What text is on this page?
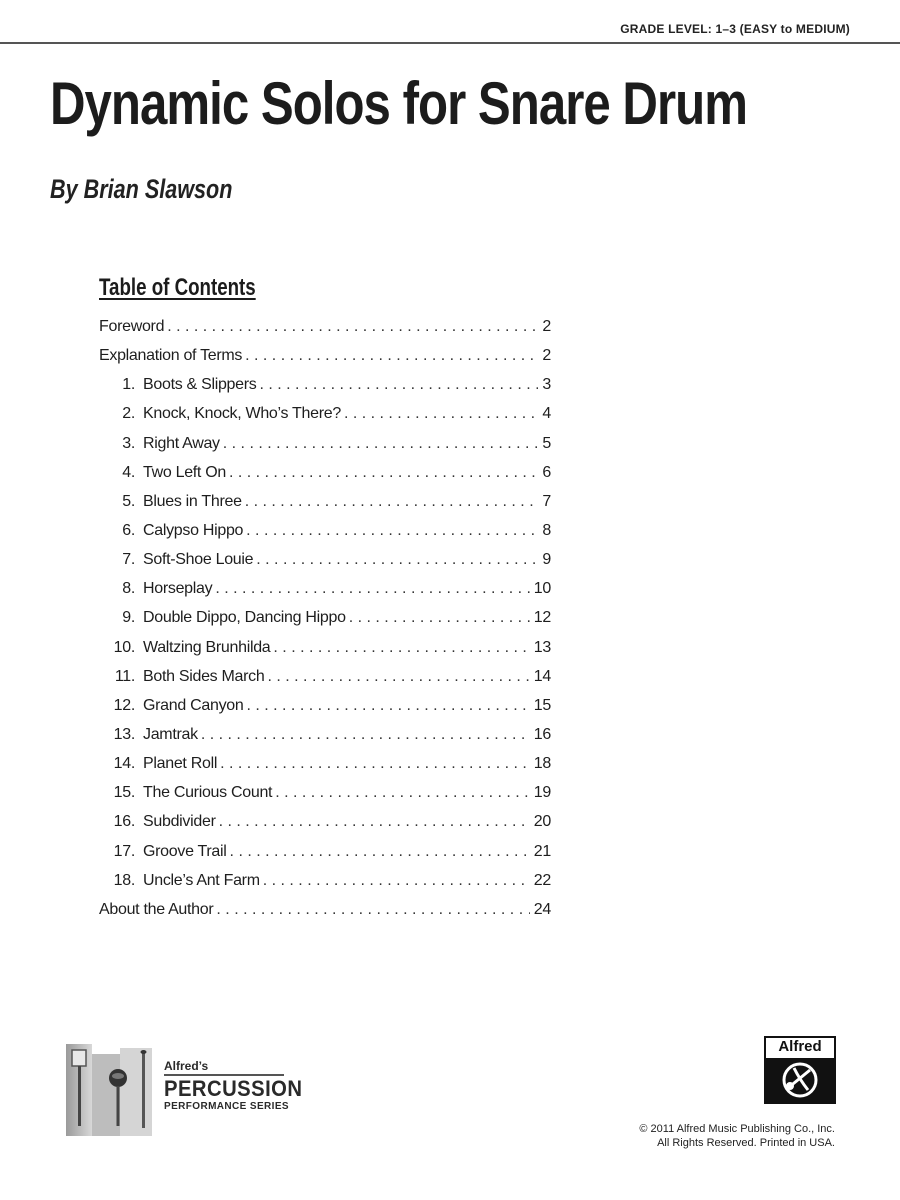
GRADE LEVEL: 1–3 (EASY to MEDIUM)
Dynamic Solos for Snare Drum
By Brian Slawson
Table of Contents
Foreword . . .	2
Explanation of Terms . . .	2
1. Boots & Slippers . . .	3
2. Knock, Knock, Who’s There? . . .	4
3. Right Away . . .	5
4. Two Left On . . .	6
5. Blues in Three . . .	7
6. Calypso Hippo . . .	8
7. Soft-Shoe Louie . . .	9
8. Horseplay . . .	10
9. Double Dippo, Dancing Hippo . . .	12
10. Waltzing Brunhilda . . .	13
11. Both Sides March . . .	14
12. Grand Canyon . . .	15
13. Jamtrak . . .	16
14. Planet Roll . . .	18
15. The Curious Count . . .	19
16. Subdivider . . .	20
17. Groove Trail . . .	21
18. Uncle’s Ant Farm . . .	22
About the Author . . .	24
Alfred’s
PERCUSSION
PERFORMANCE SERIES
Alfred
© 2011 Alfred Music Publishing Co., Inc.
All Rights Reserved. Printed in USA.
